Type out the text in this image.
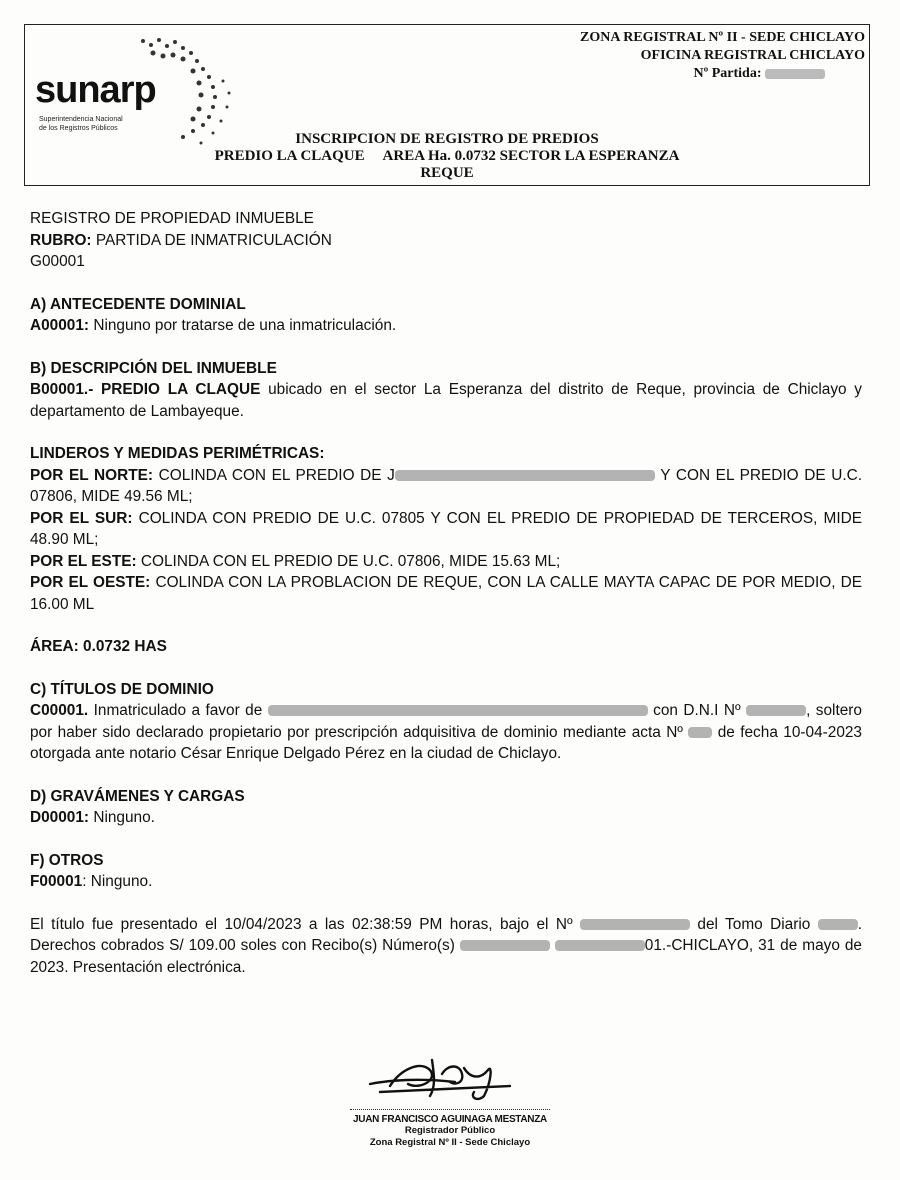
sunarp
Superintendencia Nacional
de los Registros Públicos
ZONA REGISTRAL Nº II - SEDE CHICLAYO
OFICINA REGISTRAL CHICLAYO
Nº Partida:
INSCRIPCION DE REGISTRO DE PREDIOS
PREDIO LA CLAQUE     AREA Ha. 0.0732 SECTOR LA ESPERANZA
REQUE

REGISTRO DE PROPIEDAD INMUEBLE

RUBRO: PARTIDA DE INMATRICULACIÓN

G00001

A) ANTECEDENTE DOMINIAL

A00001: Ninguno por tratarse de una inmatriculación.

B) DESCRIPCIÓN DEL INMUEBLE

B00001.- PREDIO LA CLAQUE ubicado en el sector La Esperanza del distrito de Reque, provincia de Chiclayo y departamento de Lambayeque.

LINDEROS Y MEDIDAS PERIMÉTRICAS:

POR EL NORTE: COLINDA CON EL PREDIO DE J	Y CON EL PREDIO DE U.C. 07806, MIDE 49.56 ML;

POR EL SUR: COLINDA CON PREDIO DE U.C. 07805 Y CON EL PREDIO DE PROPIEDAD DE TERCEROS, MIDE 48.90 ML;

POR EL ESTE: COLINDA CON EL PREDIO DE U.C. 07806, MIDE 15.63 ML;

POR EL OESTE: COLINDA CON LA PROBLACION DE REQUE, CON LA CALLE MAYTA CAPAC DE POR MEDIO, DE 16.00 ML

ÁREA: 0.0732 HAS

C) TÍTULOS DE DOMINIO

C00001. Inmatriculado a favor de	con D.N.I Nº	, soltero por haber sido declarado propietario por prescripción adquisitiva de dominio mediante acta Nº  de fecha 10-04-2023 otorgada ante notario César Enrique Delgado Pérez en la ciudad de Chiclayo.

D) GRAVÁMENES Y CARGAS

D00001: Ninguno.

F) OTROS

F00001: Ninguno.

El título fue presentado el 10/04/2023 a las 02:38:59 PM horas, bajo el Nº	del Tomo Diario	. Derechos cobrados S/ 109.00 soles con Recibo(s) Número(s)	01.-CHICLAYO, 31 de mayo de 2023. Presentación electrónica.

JUAN FRANCISCO AGUINAGA MESTANZA
Registrador Público
Zona Registral Nº II - Sede Chiclayo
